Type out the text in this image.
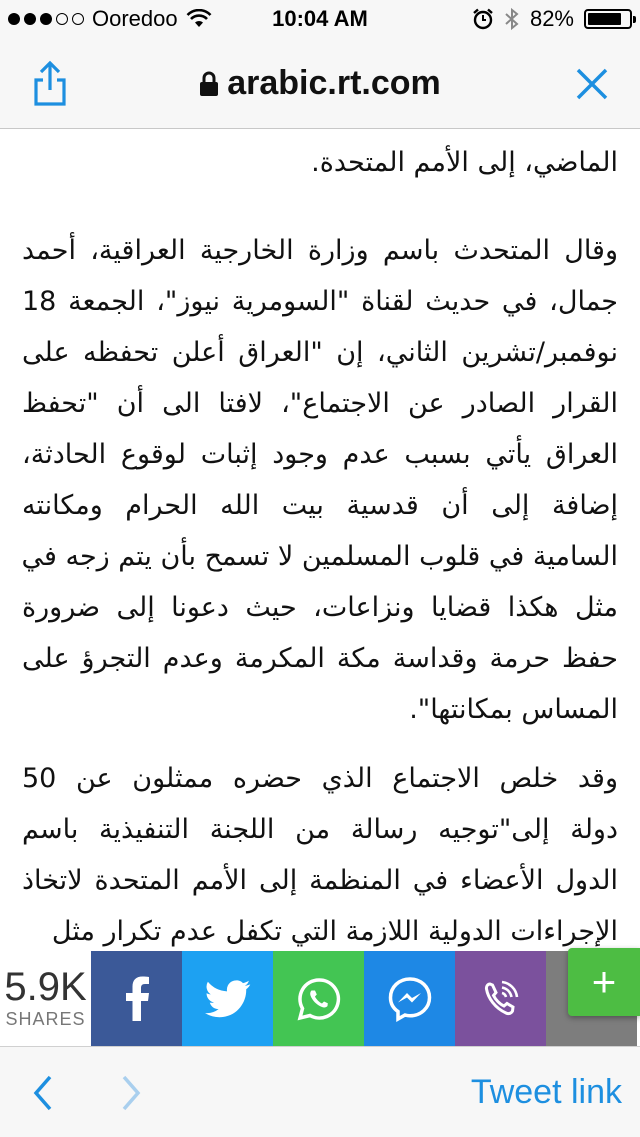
Ooredoo	10:04 AM	82%
arabic.rt.com
الماضي، إلى الأمم المتحدة.
وقال المتحدث باسم وزارة الخارجية العراقية، أحمد
جمال، في حديث لقناة "السومرية نيوز"، الجمعة 18
نوفمبر/تشرين الثاني، إن "العراق أعلن تحفظه على
القرار الصادر عن الاجتماع"، لافتا الى أن "تحفظ
العراق يأتي بسبب عدم وجود إثبات لوقوع الحادثة،
إضافة إلى أن قدسية بيت الله الحرام ومكانته
السامية في قلوب المسلمين لا تسمح بأن يتم زجه في
مثل هكذا قضايا ونزاعات، حيث دعونا إلى ضرورة
حفظ حرمة وقداسة مكة المكرمة وعدم التجرؤ على
المساس بمكانتها".
وقد خلص الاجتماع الذي حضره ممثلون عن 50
دولة إلى"توجيه رسالة من اللجنة التنفيذية باسم
الدول الأعضاء في المنظمة إلى الأمم المتحدة لاتخاذ
الإجراءات الدولية اللازمة التي تكفل عدم تكرار مثل
5.9K
SHARES
+
Tweet link
